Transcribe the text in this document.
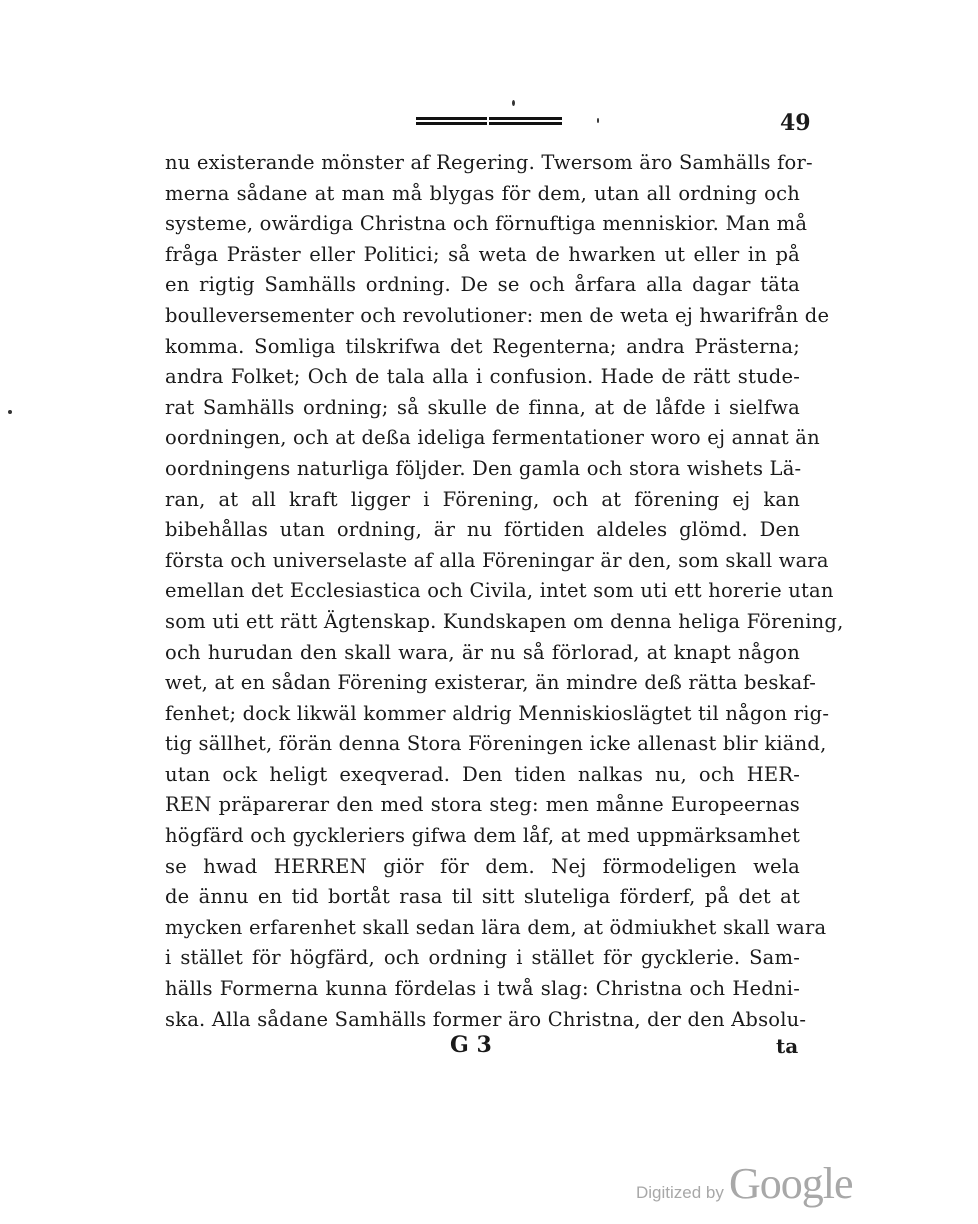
49
nu existerande mönster af Regering. Twersom äro Samhälls for-
merna sådane at man må blygas för dem, utan all ordning och
systeme, owärdiga Christna och förnuftiga menniskior. Man må
fråga Präster eller Politici; så weta de hwarken ut eller in på
en rigtig Samhälls ordning. De se och årfara alla dagar täta
boulleversementer och revolutioner: men de weta ej hwarifrån de
komma. Somliga tilskrifwa det Regenterna; andra Prästerna;
andra Folket; Och de tala alla i confusion. Hade de rätt stude-
rat Samhälls ordning; så skulle de finna, at de låfde i sielfwa
oordningen, och at deßa ideliga fermentationer woro ej annat än
oordningens naturliga följder. Den gamla och stora wishets Lä-
ran, at all kraft ligger i Förening, och at förening ej kan
bibehållas utan ordning, är nu förtiden aldeles glömd. Den
första och universelaste af alla Föreningar är den, som skall wara
emellan det Ecclesiastica och Civila, intet som uti ett horerie utan
som uti ett rätt Ägtenskap. Kundskapen om denna heliga Förening,
och hurudan den skall wara, är nu så förlorad, at knapt någon
wet, at en sådan Förening existerar, än mindre deß rätta beskaf-
fenhet; dock likwäl kommer aldrig Menniskioslägtet til någon rig-
tig sällhet, förän denna Stora Föreningen icke allenast blir kiänd,
utan ock heligt exeqverad. Den tiden nalkas nu, och HER-
REN präparerar den med stora steg: men månne Europeernas
högfärd och gyckleriers gifwa dem låf, at med uppmärksamhet
se hwad HERREN giör för dem. Nej förmodeligen wela
de ännu en tid bortåt rasa til sitt sluteliga förderf, på det at
mycken erfarenhet skall sedan lära dem, at ödmiukhet skall wara
i stället för högfärd, och ordning i stället för gycklerie. Sam-
hälls Formerna kunna fördelas i twå slag: Christna och Hedni-
ska. Alla sådane Samhälls former äro Christna, der den Absolu-
G 3	ta
Digitized by Google
